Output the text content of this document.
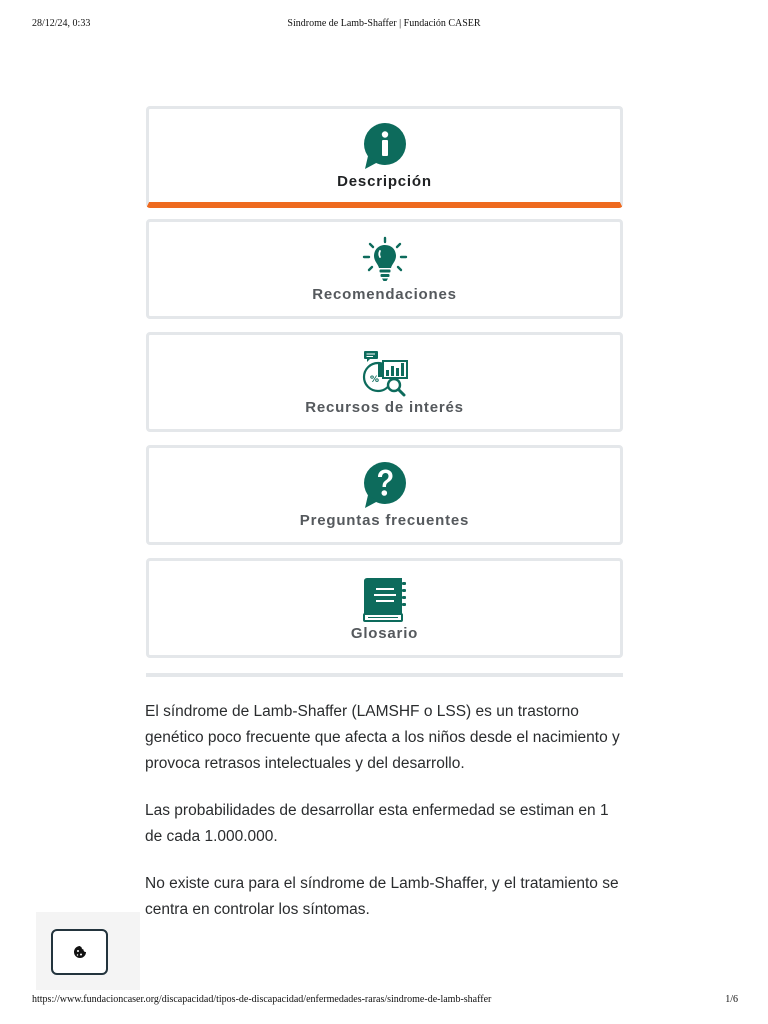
28/12/24, 0:33	Síndrome de Lamb-Shaffer | Fundación CASER
Descripción
Recomendaciones
%
Recursos de interés
Preguntas frecuentes
Glosario

El síndrome de Lamb-Shaffer (LAMSHF o LSS) es un trastorno genético poco frecuente que afecta a los niños desde el nacimiento y provoca retrasos intelectuales y del desarrollo.

Las probabilidades de desarrollar esta enfermedad se estiman en 1 de cada 1.000.000.

No existe cura para el síndrome de Lamb-Shaffer, y el tratamiento se centra en controlar los síntomas.

https://www.fundacioncaser.org/discapacidad/tipos-de-discapacidad/enfermedades-raras/sindrome-de-lamb-shaffer	1/6
